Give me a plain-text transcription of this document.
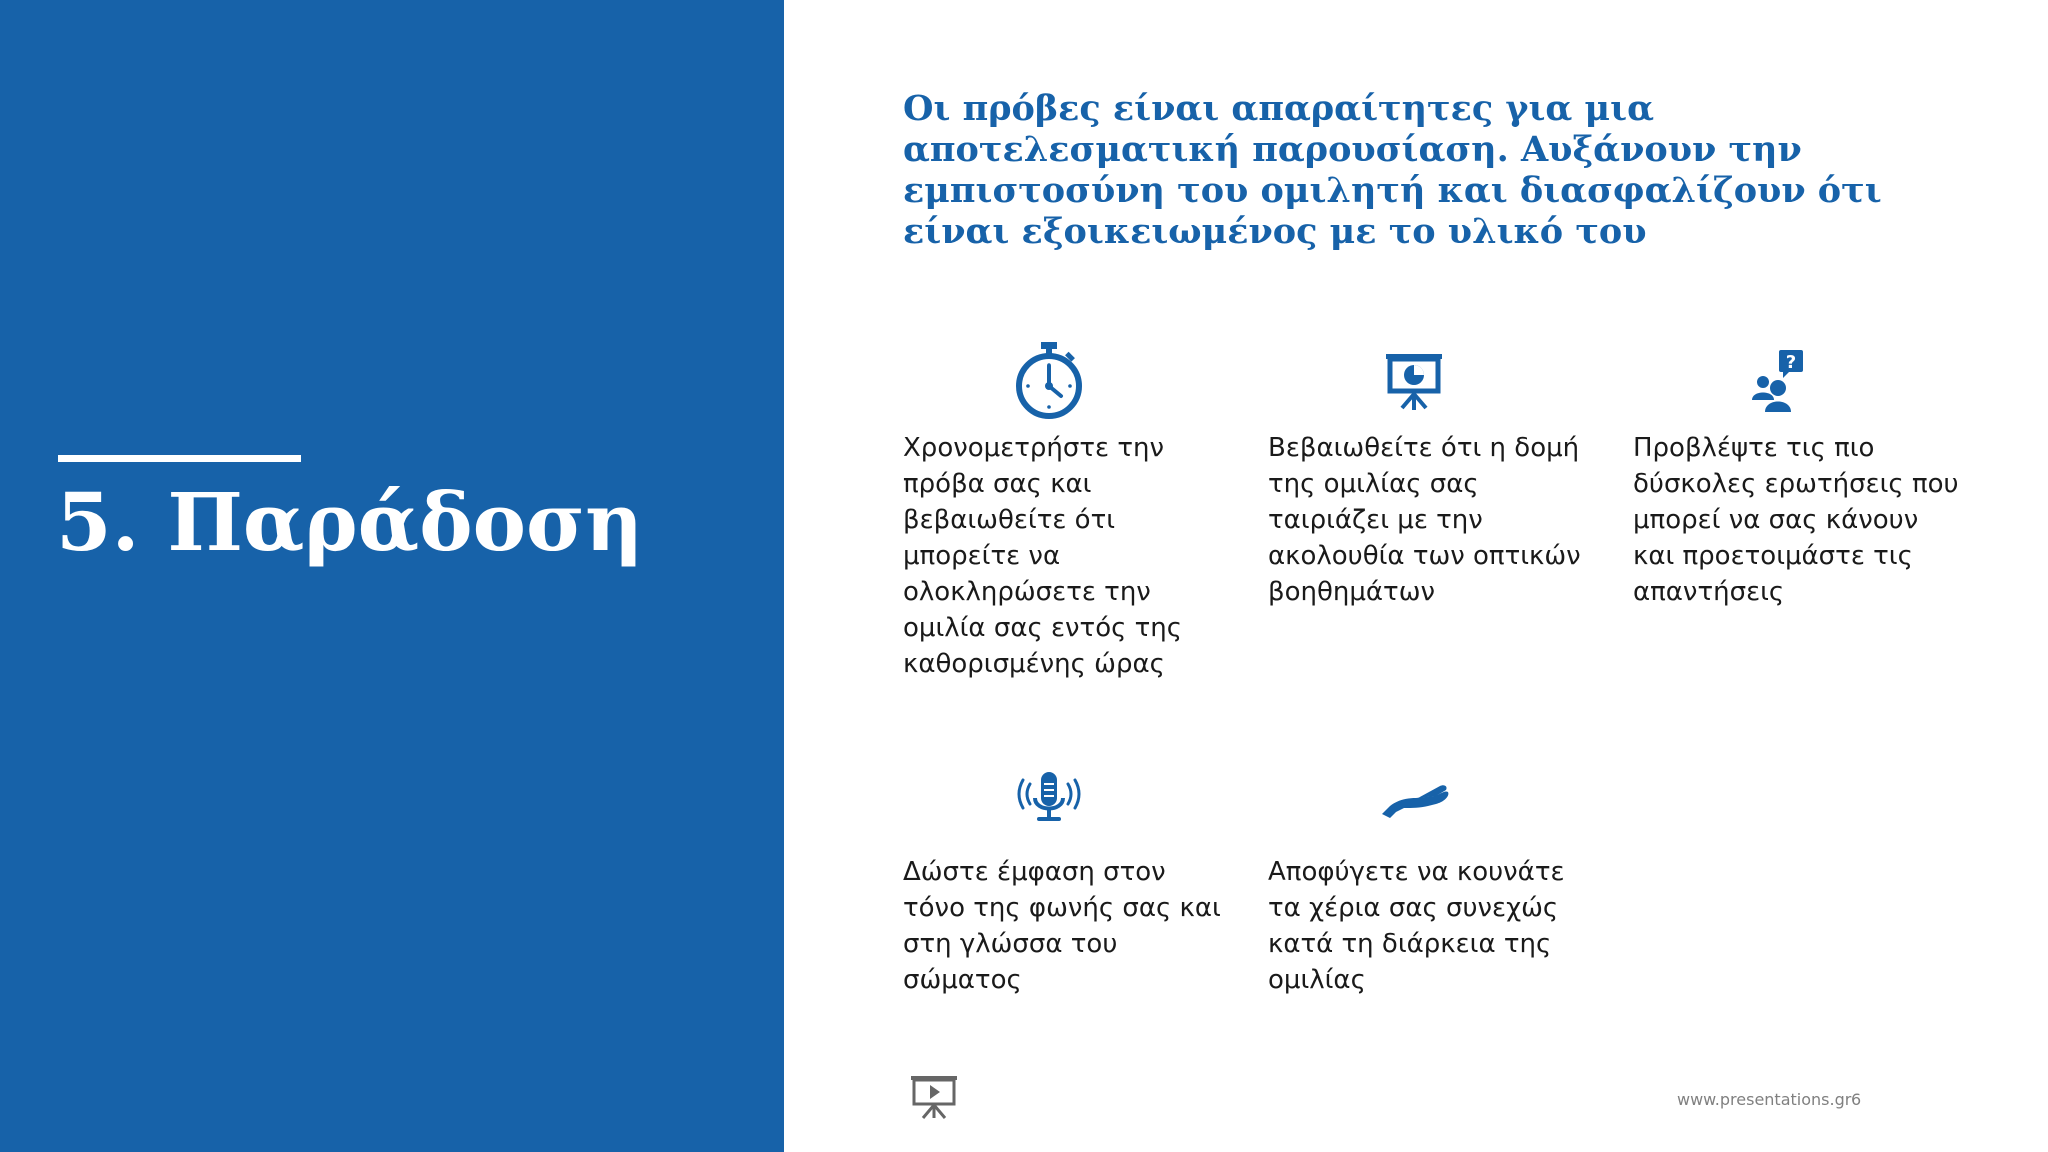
5. Παράδοση

Οι πρόβες είναι απαραίτητες για μια αποτελεσματική παρουσίαση. Αυξάνουν την εμπιστοσύνη του ομιλητή και διασφαλίζουν ότι είναι εξοικειωμένος με το υλικό του

Χρονομετρήστε την πρόβα σας και βεβαιωθείτε ότι μπορείτε να ολοκληρώσετε την ομιλία σας εντός της καθορισμένης ώρας

Βεβαιωθείτε ότι η δομή της ομιλίας σας ταιριάζει με την ακολουθία των οπτικών βοηθημάτων

?

Προβλέψτε τις πιο δύσκολες ερωτήσεις που μπορεί να σας κάνουν και προετοιμάστε τις απαντήσεις

Δώστε έμφαση στον τόνο της φωνής σας και στη γλώσσα του σώματος

Αποφύγετε να κουνάτε τα χέρια σας συνεχώς κατά τη διάρκεια της ομιλίας

www.presentations.gr 6
